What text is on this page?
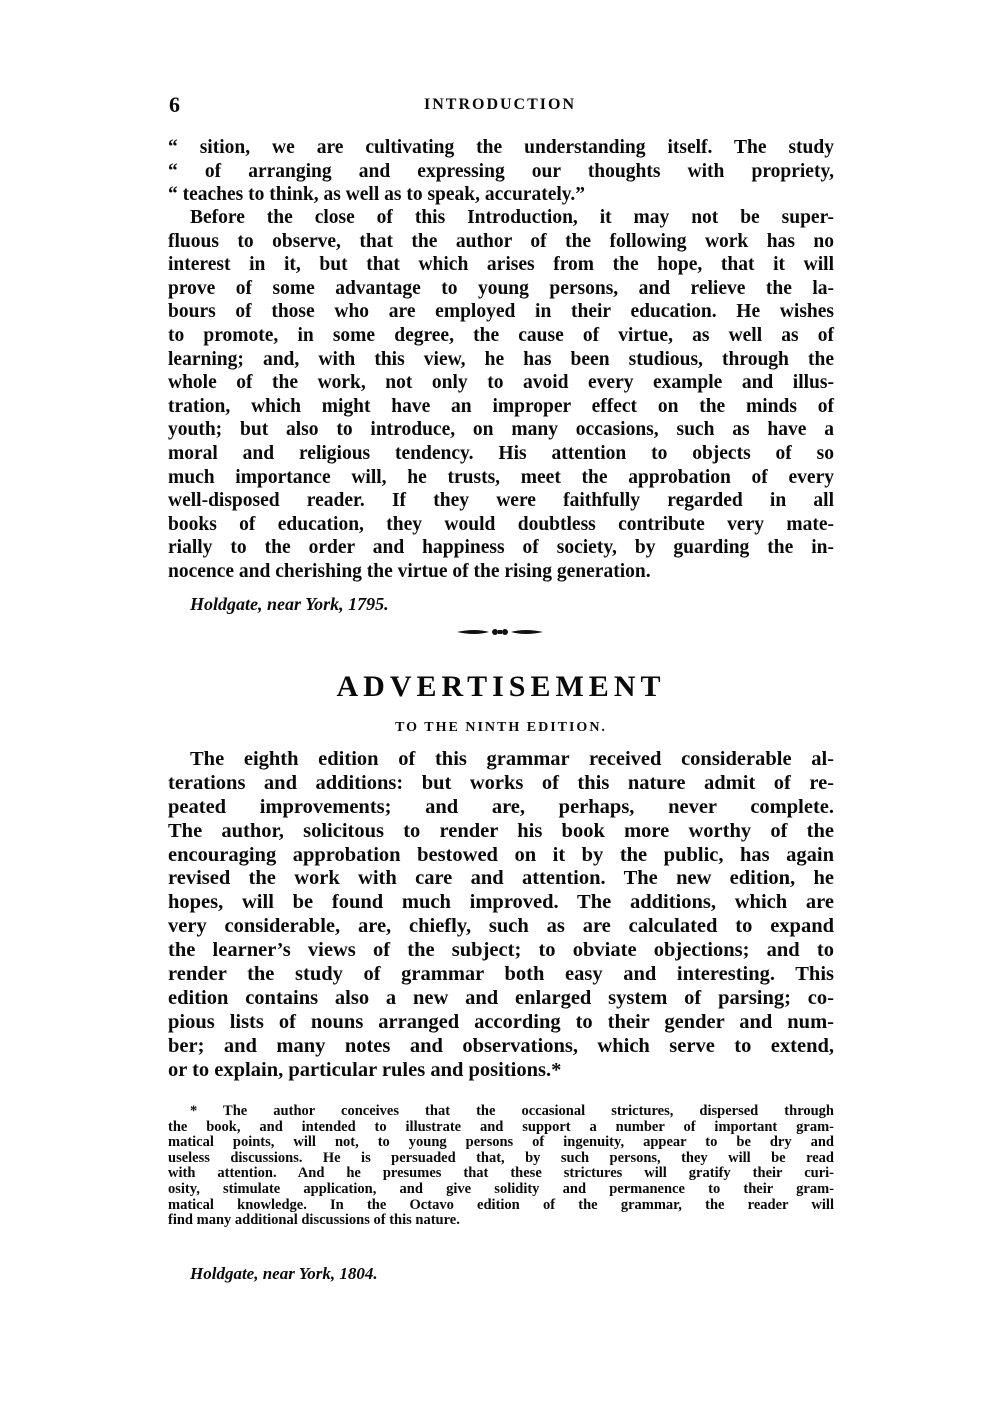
6	INTRODUCTION
“ sition, we are cultivating the understanding itself. The study
“ of arranging and expressing our thoughts with propriety,
“ teaches to think, as well as to speak, accurately.”
Before the close of this Introduction, it may not be super-
fluous to observe, that the author of the following work has no
interest in it, but that which arises from the hope, that it will
prove of some advantage to young persons, and relieve the la-
bours of those who are employed in their education. He wishes
to promote, in some degree, the cause of virtue, as well as of
learning; and, with this view, he has been studious, through the
whole of the work, not only to avoid every example and illus-
tration, which might have an improper effect on the minds of
youth; but also to introduce, on many occasions, such as have a
moral and religious tendency. His attention to objects of so
much importance will, he trusts, meet the approbation of every
well-disposed reader. If they were faithfully regarded in all
books of education, they would doubtless contribute very mate-
rially to the order and happiness of society, by guarding the in-
nocence and cherishing the virtue of the rising generation.
Holdgate, near York, 1795.
ADVERTISEMENT
TO THE NINTH EDITION.
The eighth edition of this grammar received considerable al-
terations and additions: but works of this nature admit of re-
peated improvements; and are, perhaps, never complete.
The author, solicitous to render his book more worthy of the
encouraging approbation bestowed on it by the public, has again
revised the work with care and attention. The new edition, he
hopes, will be found much improved. The additions, which are
very considerable, are, chiefly, such as are calculated to expand
the learner’s views of the subject; to obviate objections; and to
render the study of grammar both easy and interesting. This
edition contains also a new and enlarged system of parsing; co-
pious lists of nouns arranged according to their gender and num-
ber; and many notes and observations, which serve to extend,
or to explain, particular rules and positions.*
* The author conceives that the occasional strictures, dispersed through
the book, and intended to illustrate and support a number of important gram-
matical points, will not, to young persons of ingenuity, appear to be dry and
useless discussions. He is persuaded that, by such persons, they will be read
with attention. And he presumes that these strictures will gratify their curi-
osity, stimulate application, and give solidity and permanence to their gram-
matical knowledge. In the Octavo edition of the grammar, the reader will
find many additional discussions of this nature.
Holdgate, near York, 1804.
